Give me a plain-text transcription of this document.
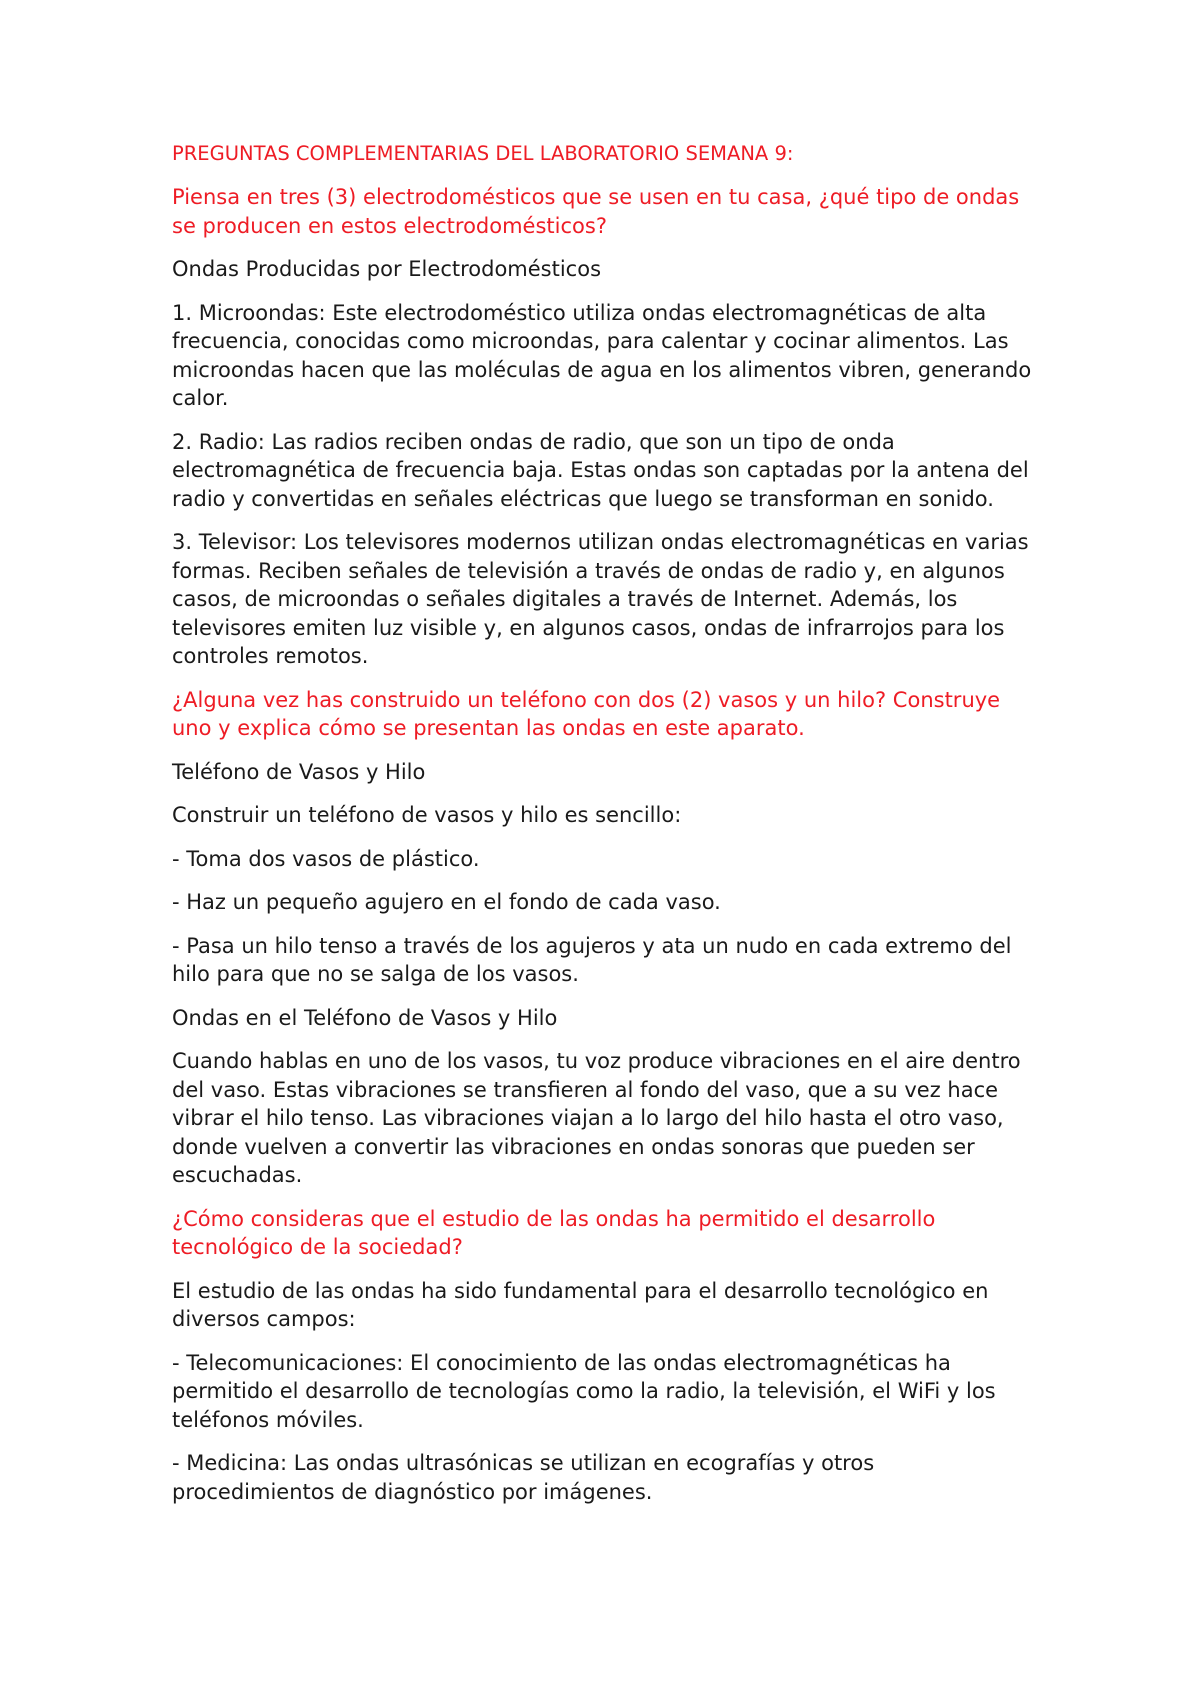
PREGUNTAS COMPLEMENTARIAS DEL LABORATORIO SEMANA 9:

Piensa en tres (3) electrodomésticos que se usen en tu casa, ¿qué tipo de ondas se producen en estos electrodomésticos?

Ondas Producidas por Electrodomésticos

1. Microondas: Este electrodoméstico utiliza ondas electromagnéticas de alta frecuencia, conocidas como microondas, para calentar y cocinar alimentos. Las microondas hacen que las moléculas de agua en los alimentos vibren, generando calor.

2. Radio: Las radios reciben ondas de radio, que son un tipo de onda electromagnética de frecuencia baja. Estas ondas son captadas por la antena del radio y convertidas en señales eléctricas que luego se transforman en sonido.

3. Televisor: Los televisores modernos utilizan ondas electromagnéticas en varias formas. Reciben señales de televisión a través de ondas de radio y, en algunos casos, de microondas o señales digitales a través de Internet. Además, los televisores emiten luz visible y, en algunos casos, ondas de infrarrojos para los controles remotos.

¿Alguna vez has construido un teléfono con dos (2) vasos y un hilo? Construye uno y explica cómo se presentan las ondas en este aparato.

Teléfono de Vasos y Hilo

Construir un teléfono de vasos y hilo es sencillo:

- Toma dos vasos de plástico.

- Haz un pequeño agujero en el fondo de cada vaso.

- Pasa un hilo tenso a través de los agujeros y ata un nudo en cada extremo del hilo para que no se salga de los vasos.

Ondas en el Teléfono de Vasos y Hilo

Cuando hablas en uno de los vasos, tu voz produce vibraciones en el aire dentro del vaso. Estas vibraciones se transfieren al fondo del vaso, que a su vez hace vibrar el hilo tenso. Las vibraciones viajan a lo largo del hilo hasta el otro vaso, donde vuelven a convertir las vibraciones en ondas sonoras que pueden ser escuchadas.

¿Cómo consideras que el estudio de las ondas ha permitido el desarrollo tecnológico de la sociedad?

El estudio de las ondas ha sido fundamental para el desarrollo tecnológico en diversos campos:

- Telecomunicaciones: El conocimiento de las ondas electromagnéticas ha permitido el desarrollo de tecnologías como la radio, la televisión, el WiFi y los teléfonos móviles.

- Medicina: Las ondas ultrasónicas se utilizan en ecografías y otros procedimientos de diagnóstico por imágenes.
